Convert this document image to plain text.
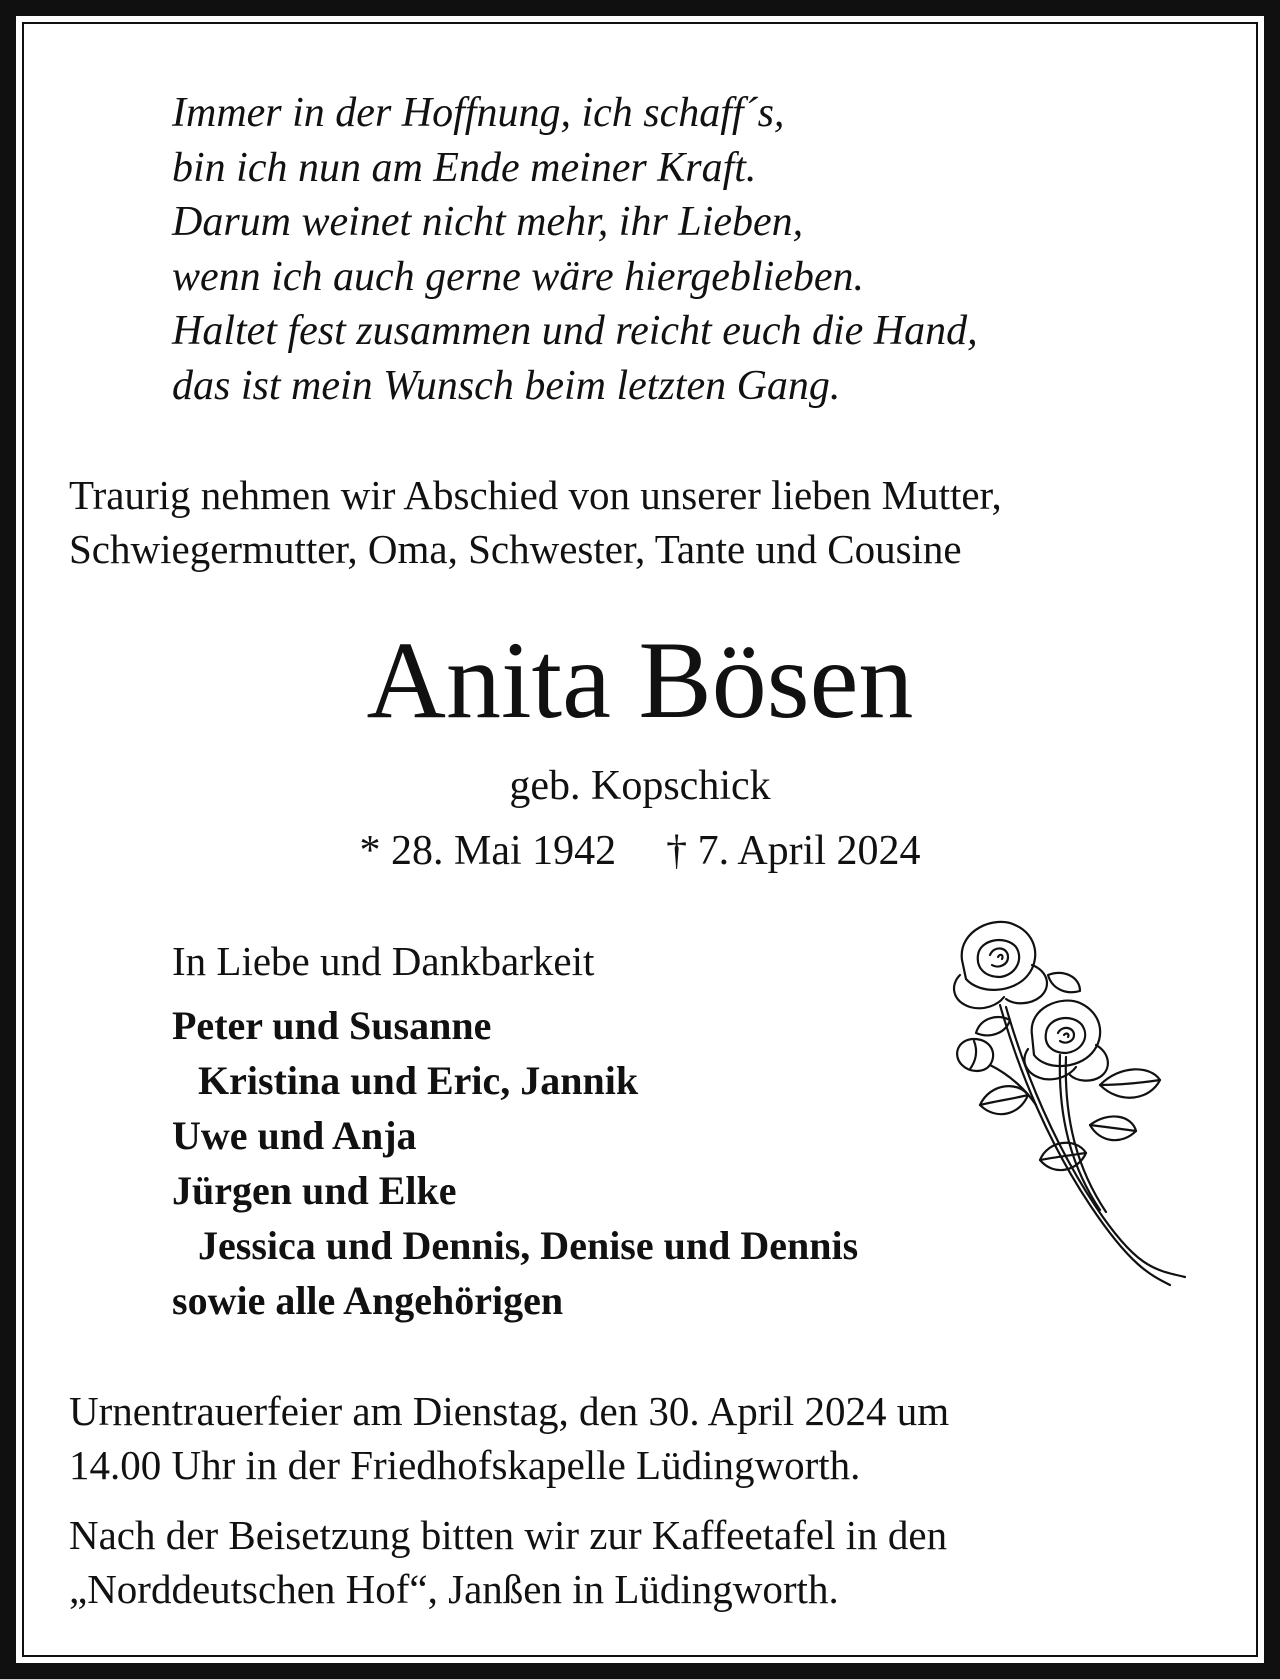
Immer in der Hoffnung, ich schaff´s,
bin ich nun am Ende meiner Kraft.
Darum weinet nicht mehr, ihr Lieben,
wenn ich auch gerne wäre hiergeblieben.
Haltet fest zusammen und reicht euch die Hand,
das ist mein Wunsch beim letzten Gang.
Traurig nehmen wir Abschied von unserer lieben Mutter,
Schwiegermutter, Oma, Schwester, Tante und Cousine
Anita Bösen
geb. Kopschick
* 28. Mai 1942 † 7. April 2024
In Liebe und Dankbarkeit
Peter und Susanne
Kristina und Eric, Jannik
Uwe und Anja
Jürgen und Elke
Jessica und Dennis, Denise und Dennis
sowie alle Angehörigen
Urnentrauerfeier am Dienstag, den 30. April 2024 um
14.00 Uhr in der Friedhofskapelle Lüdingworth.
Nach der Beisetzung bitten wir zur Kaffeetafel in den
„Norddeutschen Hof“, Janßen in Lüdingworth.
